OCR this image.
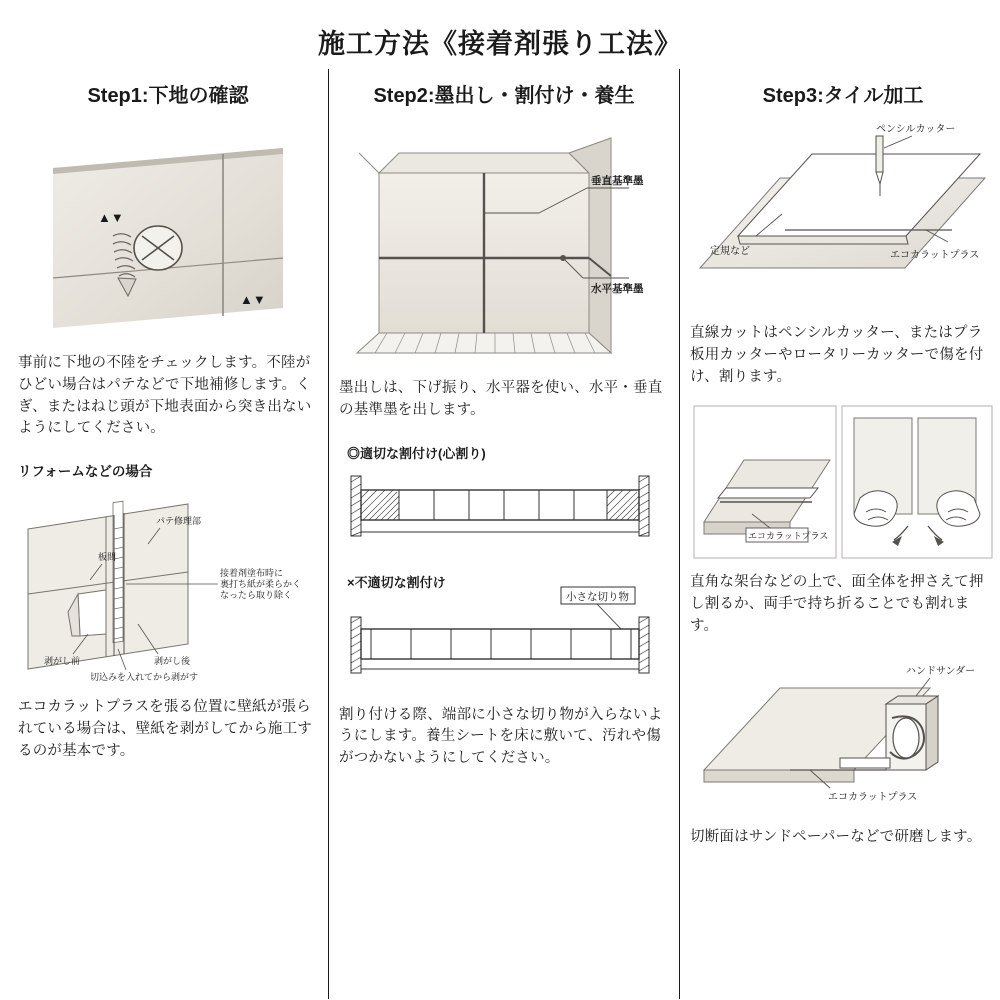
施工方法《接着剤張り工法》
Step1:下地の確認
▲▼
▲▼
事前に下地の不陸をチェックします。不陸がひどい場合はパテなどで下地補修します。くぎ、またはねじ頭が下地表面から突き出ないようにしてください。
リフォームなどの場合
板間
パテ修理部
接着剤塗布時に
裏打ち紙が柔らかく
なったら取り除く
剥がし前	剥がし後
切込みを入れてから剥がす
エコカラットプラスを張る位置に壁紙が張られている場合は、壁紙を剥がしてから施工するのが基本です。
Step2:墨出し・割付け・養生
垂直基準墨
水平基準墨
墨出しは、下げ振り、水平器を使い、水平・垂直の基準墨を出します。
◎適切な割付け(心割り)
×不適切な割付け
小さな切り物
割り付ける際、端部に小さな切り物が入らないようにします。養生シートを床に敷いて、汚れや傷がつかないようにしてください。
Step3:タイル加工
ペンシルカッター
定規など	エコカラットプラス
直線カットはペンシルカッター、またはプラ板用カッターやロータリーカッターで傷を付け、割ります。
エコカラットプラス
直角な架台などの上で、面全体を押さえて押し割るか、両手で持ち折ることでも割れます。
ハンドサンダー
エコカラットプラス
切断面はサンドペーパーなどで研磨します。
